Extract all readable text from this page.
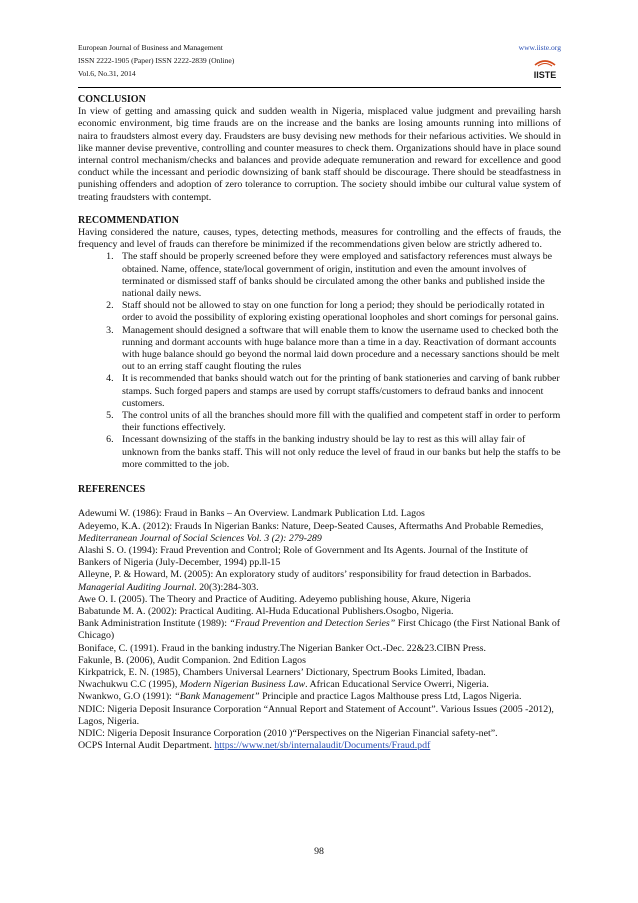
European Journal of Business and Management
ISSN 2222-1905 (Paper) ISSN 2222-2839 (Online)
Vol.6, No.31, 2014
www.iiste.org
IISTE
CONCLUSION

In view of getting and amassing quick and sudden wealth in Nigeria, misplaced value judgment and prevailing harsh economic environment, big time frauds are on the increase and the banks are losing amounts running into millions of naira to fraudsters almost every day. Fraudsters are busy devising new methods for their nefarious activities. We should in like manner devise preventive, controlling and counter measures to check them. Organizations should have in place sound internal control mechanism/checks and balances and provide adequate remuneration and reward for excellence and good conduct while the incessant and periodic downsizing of bank staff should be discourage. There should be steadfastness in punishing offenders and adoption of zero tolerance to corruption. The society should imbibe our cultural value system of treating fraudsters with contempt.

RECOMMENDATION

Having considered the nature, causes, types, detecting methods, measures for controlling and the effects of frauds, the frequency and level of frauds can therefore be minimized if the recommendations given below are strictly adhered to.

1. The staff should be properly screened before they were employed and satisfactory references must always be obtained. Name, offence, state/local government of origin, institution and even the amount involves of terminated or dismissed staff of banks should be circulated among the other banks and published inside the national daily news.
2. Staff should not be allowed to stay on one function for long a period; they should be periodically rotated in order to avoid the possibility of exploring existing operational loopholes and short comings for personal gains.
3. Management should designed a software that will enable them to know the username used to checked both the running and dormant accounts with huge balance more than a time in a day. Reactivation of dormant accounts with huge balance should go beyond the normal laid down procedure and a necessary sanctions should be melt out to an erring staff caught flouting the rules
4. It is recommended that banks should watch out for the printing of bank stationeries and carving of bank rubber stamps. Such forged papers and stamps are used by corrupt staffs/customers to defraud banks and innocent customers.
5. The control units of all the branches should more fill with the qualified and competent staff in order to perform their functions effectively.
6. Incessant downsizing of the staffs in the banking industry should be lay to rest as this will allay fair of unknown from the banks staff. This will not only reduce the level of fraud in our banks but help the staffs to be more committed to the job.
REFERENCES

Adewumi W. (1986): Fraud in Banks – An Overview. Landmark Publication Ltd. Lagos

Adeyemo, K.A. (2012): Frauds In Nigerian Banks: Nature, Deep-Seated Causes, Aftermaths And Probable Remedies, Mediterranean Journal of Social Sciences Vol. 3 (2): 279-289

Alashi S. O. (1994): Fraud Prevention and Control; Role of Government and Its Agents. Journal of the Institute of Bankers of Nigeria (July-December, 1994) pp.ll-15

Alleyne, P. & Howard, M. (2005): An exploratory study of auditors’ responsibility for fraud detection in Barbados. Managerial Auditing Journal. 20(3):284-303.

Awe O. I. (2005). The Theory and Practice of Auditing. Adeyemo publishing house, Akure, Nigeria

Babatunde M. A. (2002): Practical Auditing. Al-Huda Educational Publishers.Osogbo, Nigeria.

Bank Administration Institute (1989): “Fraud Prevention and Detection Series” First Chicago (the First National Bank of Chicago)

Boniface, C. (1991). Fraud in the banking industry.The Nigerian Banker Oct.-Dec. 22&23.CIBN Press.

Fakunle, B. (2006), Audit Companion. 2nd Edition Lagos

Kirkpatrick, E. N. (1985), Chambers Universal Learners’ Dictionary, Spectrum Books Limited, Ibadan.

Nwachukwu C.C (1995), Modern Nigerian Business Law. African Educational Service Owerri, Nigeria.

Nwankwo, G.O (1991): “Bank Management” Principle and practice Lagos Malthouse press Ltd, Lagos Nigeria.

NDIC: Nigeria Deposit Insurance Corporation “Annual Report and Statement of Account”. Various Issues (2005 -2012), Lagos, Nigeria.

NDIC: Nigeria Deposit Insurance Corporation (2010 )“Perspectives on the Nigerian Financial safety-net”.

OCPS Internal Audit Department. https://www.net/sb/internalaudit/Documents/Fraud.pdf

98
